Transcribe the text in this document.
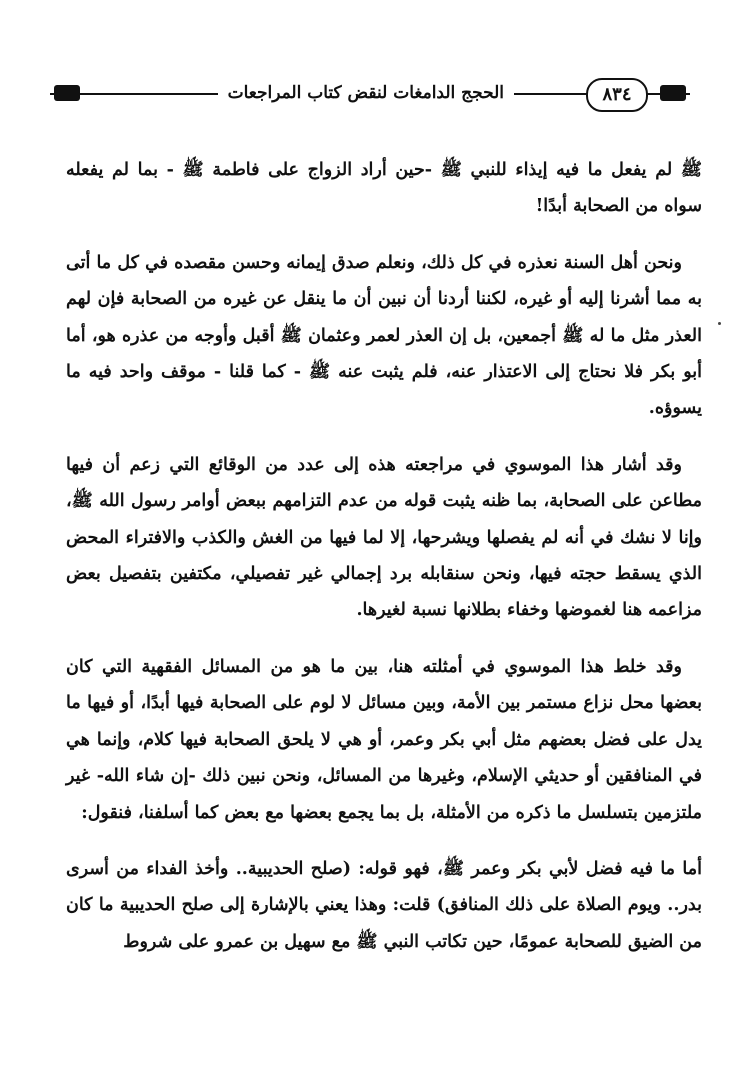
الحجج الدامغات لنقض كتاب المراجعات	٨٣٤

ﷺ لم يفعل ما فيه إيذاء للنبي ﷺ -حين أراد الزواج على فاطمة ﷺ - بما لم يفعله سواه من الصحابة أبدًا!

ونحن أهل السنة نعذره في كل ذلك، ونعلم صدق إيمانه وحسن مقصده في كل ما أتى به مما أشرنا إليه أو غيره، لكننا أردنا أن نبين أن ما ينقل عن غيره من الصحابة فإن لهم العذر مثل ما له ﷺ أجمعين، بل إن العذر لعمر وعثمان ﷺ أقبل وأوجه من عذره هو، أما أبو بكر فلا نحتاج إلى الاعتذار عنه، فلم يثبت عنه ﷺ - كما قلنا - موقف واحد فيه ما يسوؤه.

وقد أشار هذا الموسوي في مراجعته هذه إلى عدد من الوقائع التي زعم أن فيها مطاعن على الصحابة، بما ظنه يثبت قوله من عدم التزامهم ببعض أوامر رسول الله ﷺ، وإنا لا نشك في أنه لم يفصلها ويشرحها، إلا لما فيها من الغش والكذب والافتراء المحض الذي يسقط حجته فيها، ونحن سنقابله برد إجمالي غير تفصيلي، مكتفين بتفصيل بعض مزاعمه هنا لغموضها وخفاء بطلانها نسبة لغيرها.

وقد خلط هذا الموسوي في أمثلته هنا، بين ما هو من المسائل الفقهية التي كان بعضها محل نزاع مستمر بين الأمة، وبين مسائل لا لوم على الصحابة فيها أبدًا، أو فيها ما يدل على فضل بعضهم مثل أبي بكر وعمر، أو هي لا يلحق الصحابة فيها كلام، وإنما هي في المنافقين أو حديثي الإسلام، وغيرها من المسائل، ونحن نبين ذلك -إن شاء الله- غير ملتزمين بتسلسل ما ذكره من الأمثلة، بل بما يجمع بعضها مع بعض كما أسلفنا، فنقول:

أما ما فيه فضل لأبي بكر وعمر ﷺ، فهو قوله: (صلح الحديبية.. وأخذ الفداء من أسرى بدر.. ويوم الصلاة على ذلك المنافق) قلت: وهذا يعني بالإشارة إلى صلح الحديبية ما كان من الضيق للصحابة عمومًا، حين تكاتب النبي ﷺ مع سهيل بن عمرو على شروط
